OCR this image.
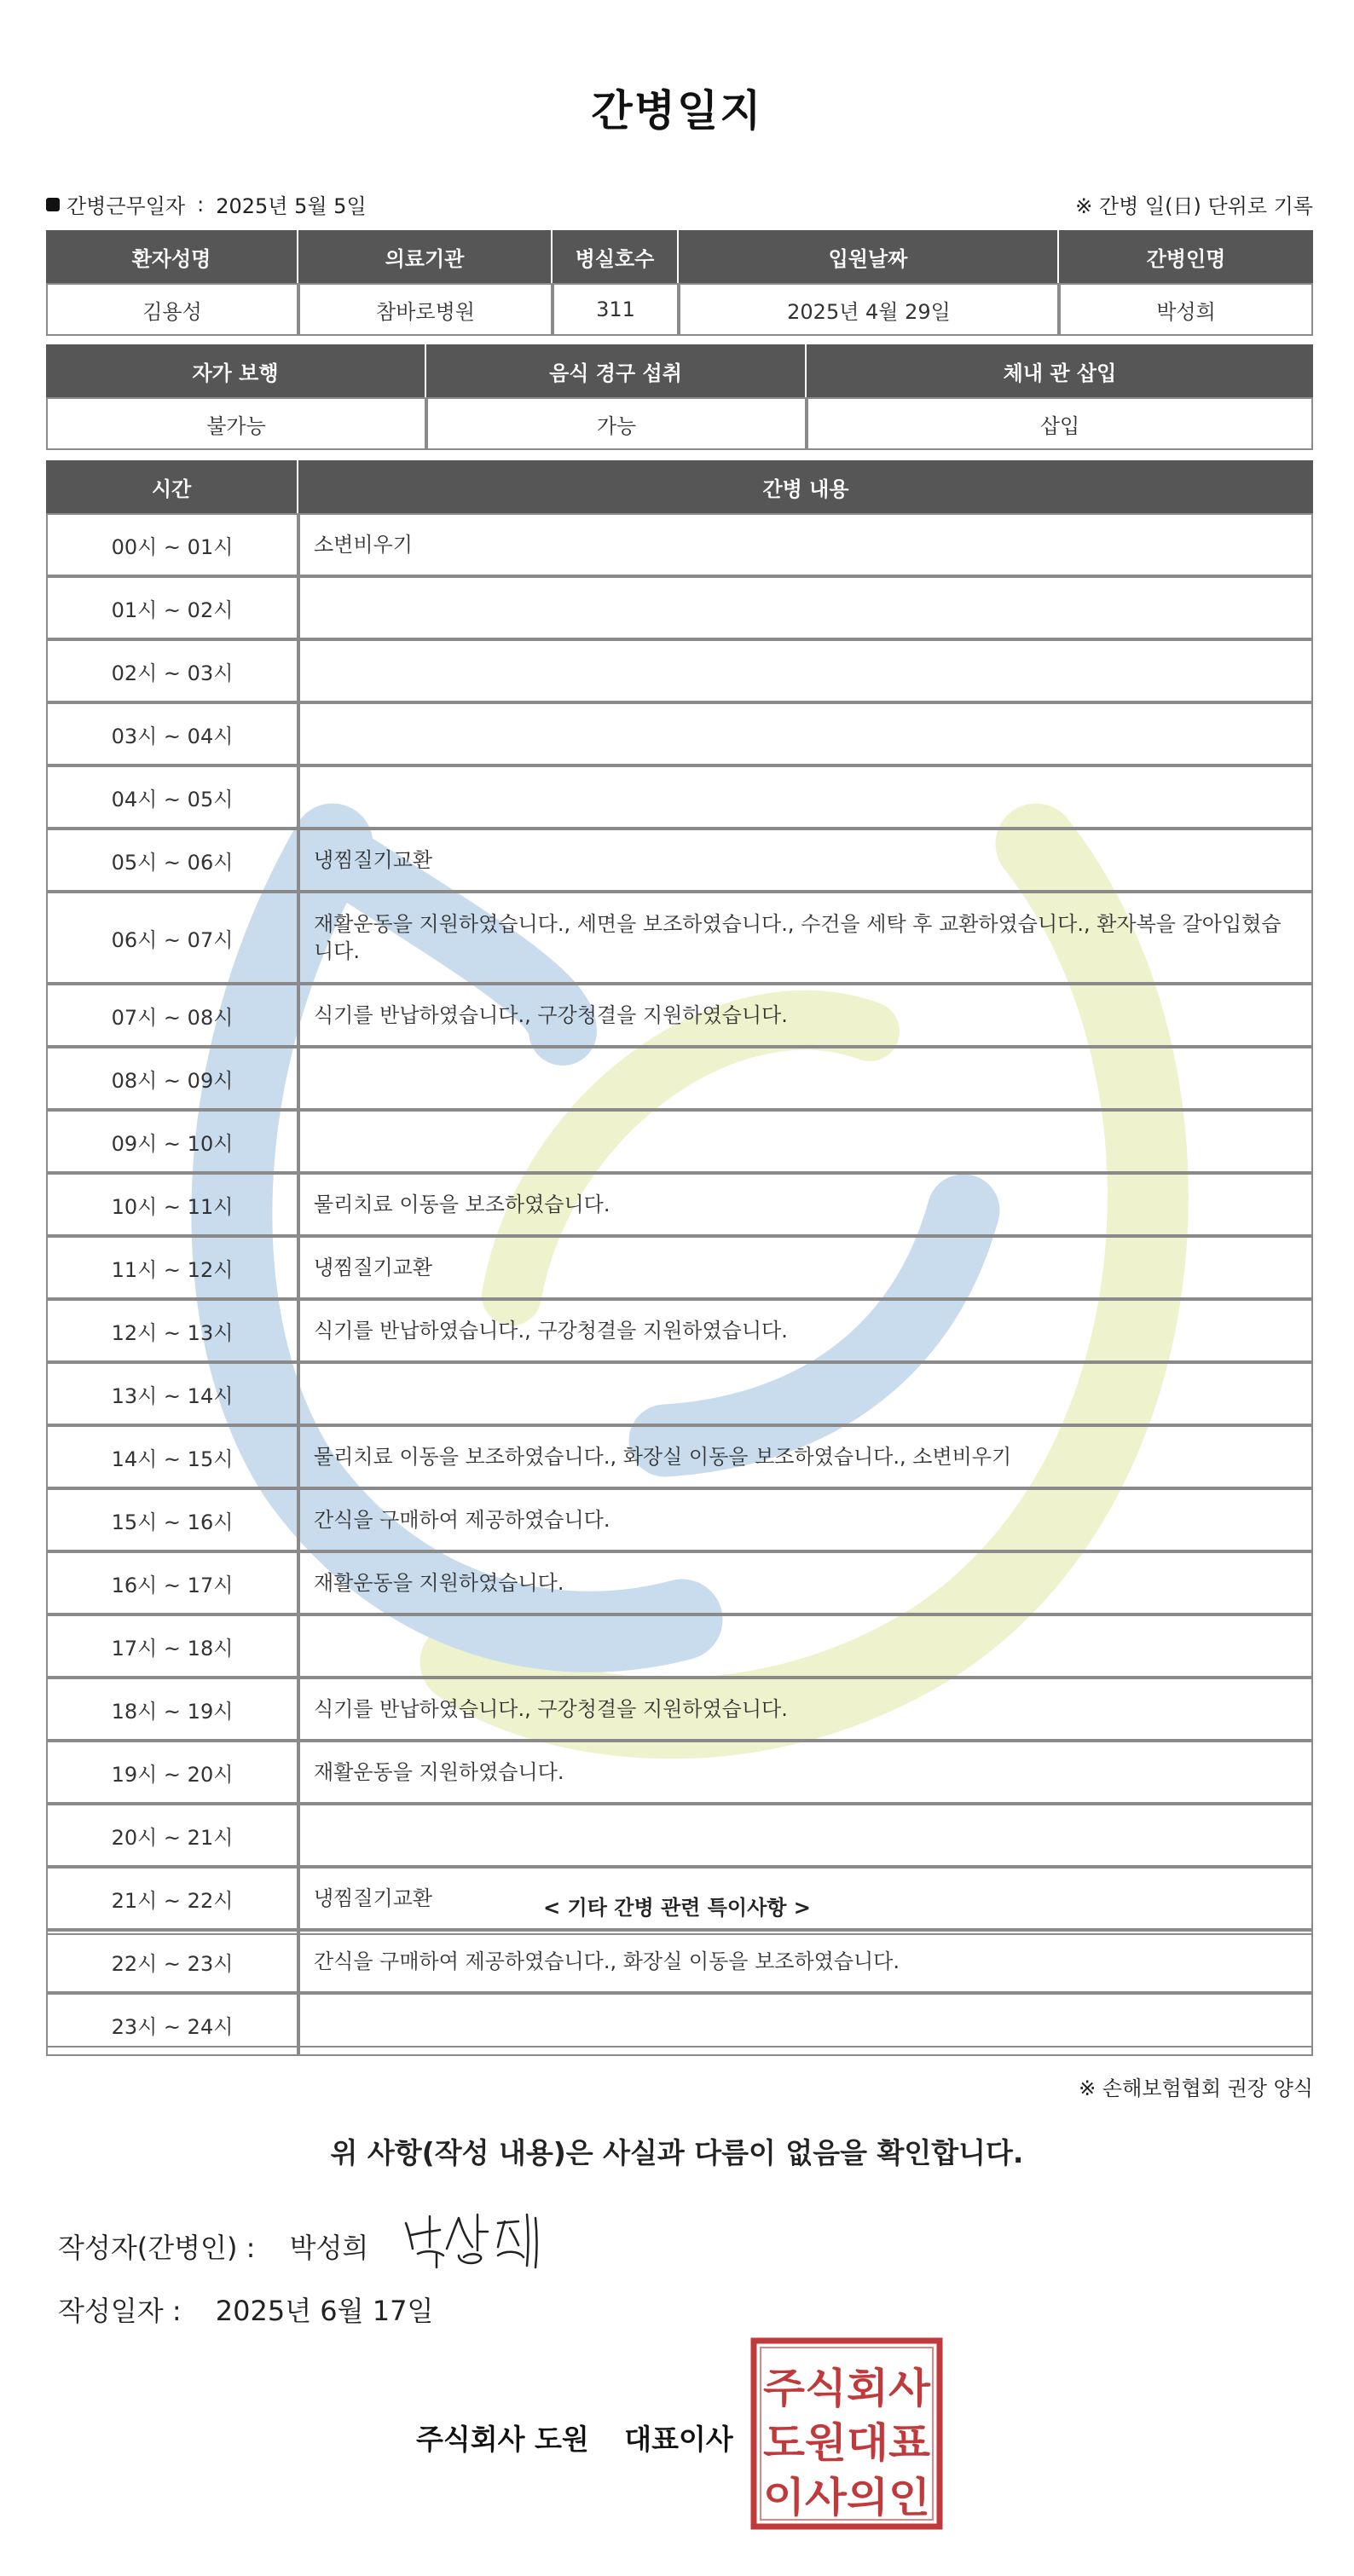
간병일지
간병근무일자 : 2025년 5월 5일	※ 간병 일(日) 단위로 기록
환자성명	의료기관	병실호수	입원날짜	간병인명
김용성	참바로병원	311	2025년 4월 29일	박성희
자가 보행	음식 경구 섭취	체내 관 삽입
불가능	가능	삽입
시간	간병 내용
00시 ~ 01시	소변비우기
01시 ~ 02시	
02시 ~ 03시	
03시 ~ 04시	
04시 ~ 05시	
05시 ~ 06시	냉찜질기교환
06시 ~ 07시	재활운동을 지원하였습니다., 세면을 보조하였습니다., 수건을 세탁 후 교환하였습니다., 환자복을 갈아입혔습니다.
07시 ~ 08시	식기를 반납하였습니다., 구강청결을 지원하였습니다.
08시 ~ 09시	
09시 ~ 10시	
10시 ~ 11시	물리치료 이동을 보조하였습니다.
11시 ~ 12시	냉찜질기교환
12시 ~ 13시	식기를 반납하였습니다., 구강청결을 지원하였습니다.
13시 ~ 14시	
14시 ~ 15시	물리치료 이동을 보조하였습니다., 화장실 이동을 보조하였습니다., 소변비우기
15시 ~ 16시	간식을 구매하여 제공하였습니다.
16시 ~ 17시	재활운동을 지원하였습니다.
17시 ~ 18시	
18시 ~ 19시	식기를 반납하였습니다., 구강청결을 지원하였습니다.
19시 ~ 20시	재활운동을 지원하였습니다.
20시 ~ 21시	
21시 ~ 22시	냉찜질기교환
22시 ~ 23시	간식을 구매하여 제공하였습니다., 화장실 이동을 보조하였습니다.
23시 ~ 24시	
< 기타 간병 관련 특이사항 >
※ 손해보험협회 권장 양식
위 사항(작성 내용)은 사실과 다름이 없음을 확인합니다.
작성자(간병인) : 박성희
작성일자 : 2025년 6월 17일
주식회사 도원 대표이사
주식회사
도원대표
이사의인
